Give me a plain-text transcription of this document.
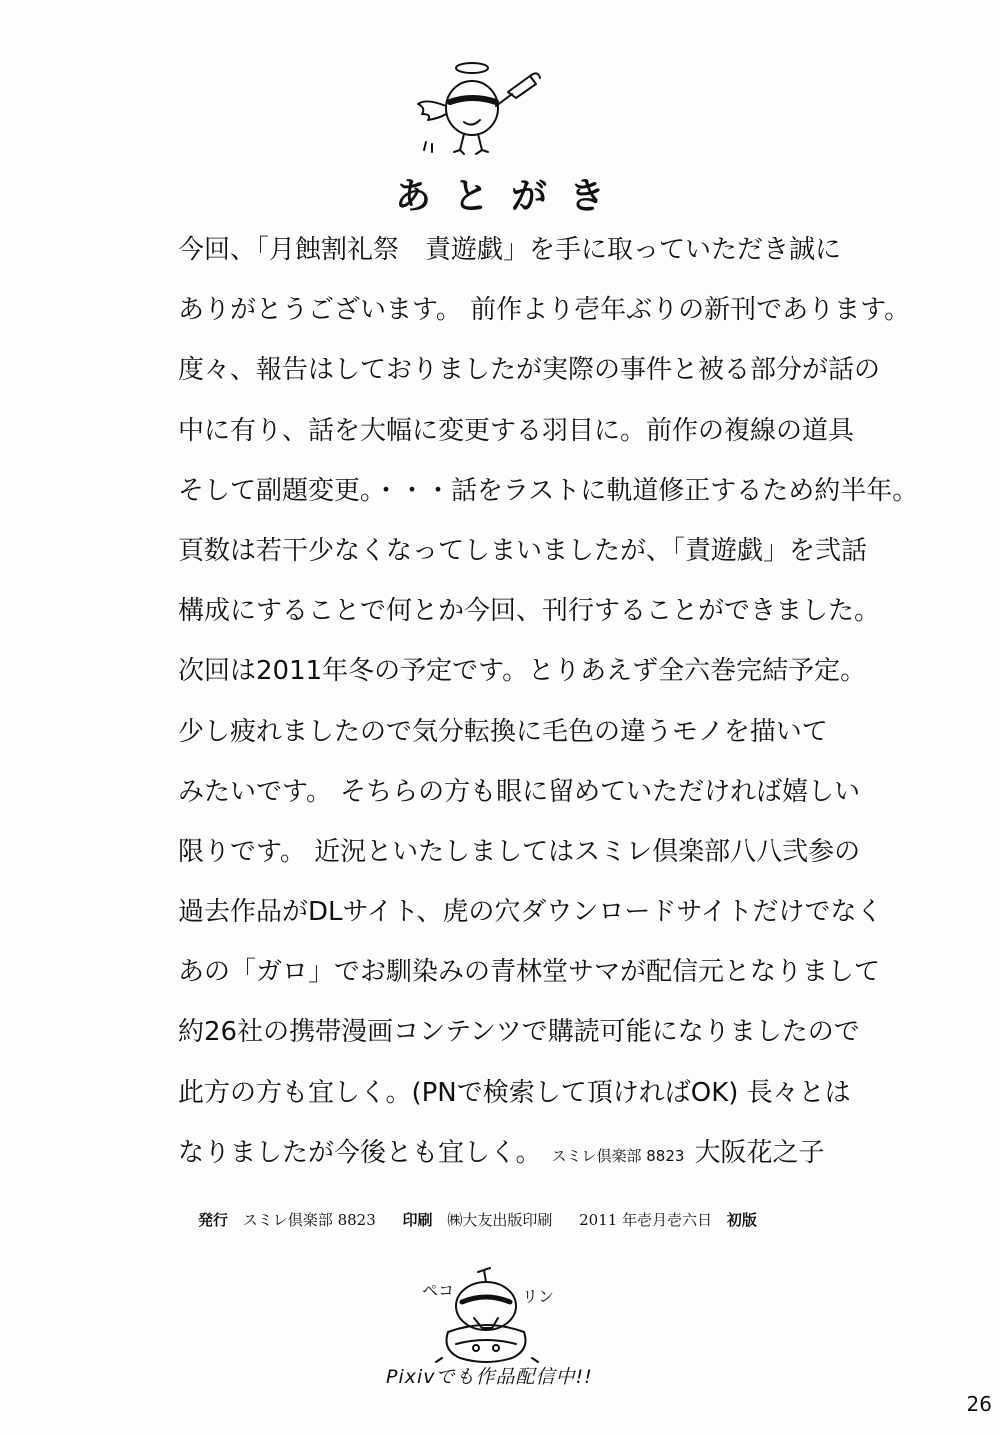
あとがき
今回、「月蝕割礼祭　責遊戯」を手に取っていただき誠に
ありがとうございます。 前作より壱年ぶりの新刊であります。
度々、報告はしておりましたが実際の事件と被る部分が話の
中に有り、話を大幅に変更する羽目に。前作の複線の道具
そして副題変更。・・・話をラストに軌道修正するため約半年。
頁数は若干少なくなってしまいましたが、「責遊戯」を弐話
構成にすることで何とか今回、刊行することができました。
次回は2011年冬の予定です。とりあえず全六巻完結予定。
少し疲れましたので気分転換に毛色の違うモノを描いて
みたいです。 そちらの方も眼に留めていただければ嬉しい
限りです。 近況といたしましてはスミレ倶楽部八八弐参の
過去作品がDLサイト、虎の穴ダウンロードサイトだけでなく
あの「ガロ」でお馴染みの青林堂サマが配信元となりまして
約26社の携帯漫画コンテンツで購読可能になりましたので
此方の方も宜しく。(PNで検索して頂ければOK) 長々とは
なりましたが今後とも宜しく。 スミレ倶楽部 8823 大阪花之子
発行 スミレ倶楽部 8823 印刷 ㈱大友出版印刷 2011 年壱月壱六日 初版
ペコ	リン
Pixivでも作品配信中!!
26
